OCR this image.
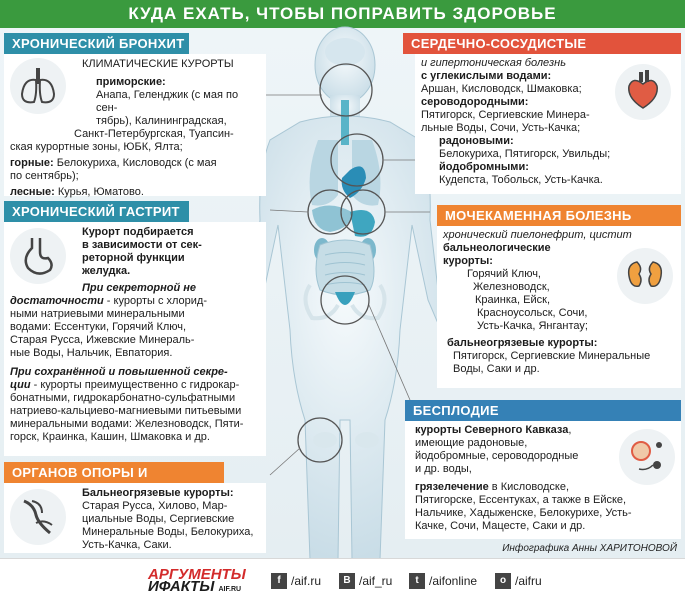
КУДА ЕХАТЬ, ЧТОБЫ ПОПРАВИТЬ ЗДОРОВЬЕ
ХРОНИЧЕСКИЙ БРОНХИТ

КЛИМАТИЧЕСКИЕ КУРОРТЫ

приморские:

Анапа, Геленджик (с мая по сен-

тябрь), Калининградская,

Санкт-Петербургская, Туапсин-

ская курортные зоны, ЮБК, Ялта;

горные: Белокуриха, Кисловодск (с мая

по сентябрь);

лесные: Курья, Юматово.

ХРОНИЧЕСКИЙ ГАСТРИТ

Курорт подбирается

в зависимости от сек-

реторной функции

желудка.

При секреторной не

достаточности - курорты с хлорид-

ными натриевыми минеральными

водами: Ессентуки, Горячий Ключ,

Старая Русса, Ижевские Минераль-

ные Воды, Нальчик, Евпатория.

При сохранённой и повышенной секре-

ции - курорты преимущественно с гидрокар-

бонатными, гидрокарбонатно-сульфатными

натриево-кальциево-магниевыми питьевыми

минеральными водами: Железноводск, Пяти-

горск, Краинка, Кашин, Шмаковка и др.

ОРГАНОВ ОПОРЫ И

Бальнеогрязевые курорты:

Старая Русса, Хилово, Мар-

циальные Воды, Сергиевские

Минеральные Воды, Белокуриха,

Усть-Качка, Саки.

СЕРДЕЧНО-СОСУДИСТЫЕ

и гипертоническая болезнь

с углекислыми водами:

Аршан, Кисловодск, Шмаковка;

сероводородными:

Пятигорск, Сергиевские Минера-

льные Воды, Сочи, Усть-Качка;

радоновыми:

Белокуриха, Пятигорск, Увильды;

йодобромными:

Кудепста, Тобольск, Усть-Качка.

МОЧЕКАМЕННАЯ БОЛЕЗНЬ

хронический пиелонефрит, цистит

бальнеологические

курорты:

Горячий Ключ,

Железноводск,

Краинка, Ейск,

Красноусольск, Сочи,

Усть-Качка, Янгантау;

бальнеогрязевые курорты:

Пятигорск, Сергиевские Минеральные

Воды, Саки и др.

БЕСПЛОДИЕ

курорты Северного Кавказа,

имеющие радоновые,

йодобромные, сероводородные

и др. воды,

грязелечение в Кисловодске,

Пятигорске, Ессентуках, а также в Ейске,

Нальчике, Хадыженске, Белокурихе, Усть-

Качке, Сочи, Мацесте, Саки и др.

Инфографика Анны ХАРИТОНОВОЙ
АРГУМЕНТЫ
ИФАКТЫ AIF.RU
f /aif.ru	B /aif_ru	t /aifonline	o /aifru
